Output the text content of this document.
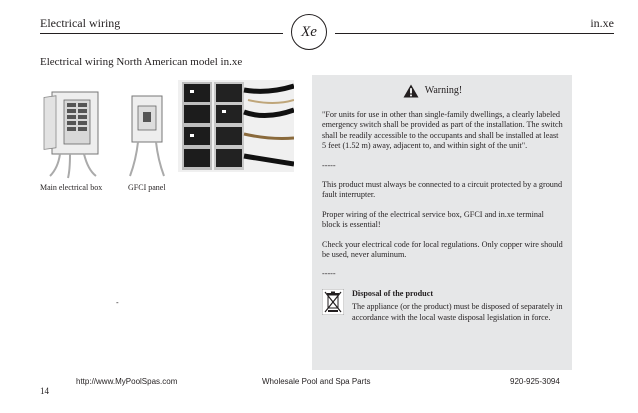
Electrical wiring
Xe
in.xe
Electrical wiring North American model in.xe
Main electrical box	GFCI panel
-
Warning!

"For units for use in other than single-family dwellings, a clearly labeled emergency switch shall be provided as part of the installation. The switch shall be readily accessible to the occupants and shall be installed at least 5 feet (1.52 m) away, adjacent to, and within sight of the unit".

-----

This product must always be connected to a circuit protected by a ground fault interrupter.

Proper wiring of the electrical service box, GFCI and in.xe terminal block is essential!

Check your electrical code for local regulations. Only copper wire should be used, never aluminum.

-----

Disposal of the product
The appliance (or the product) must be disposed of separately in accordance with the local waste disposal legislation in force.
http://www.MyPoolSpas.com	Wholesale Pool and Spa Parts	920-925-3094
14
